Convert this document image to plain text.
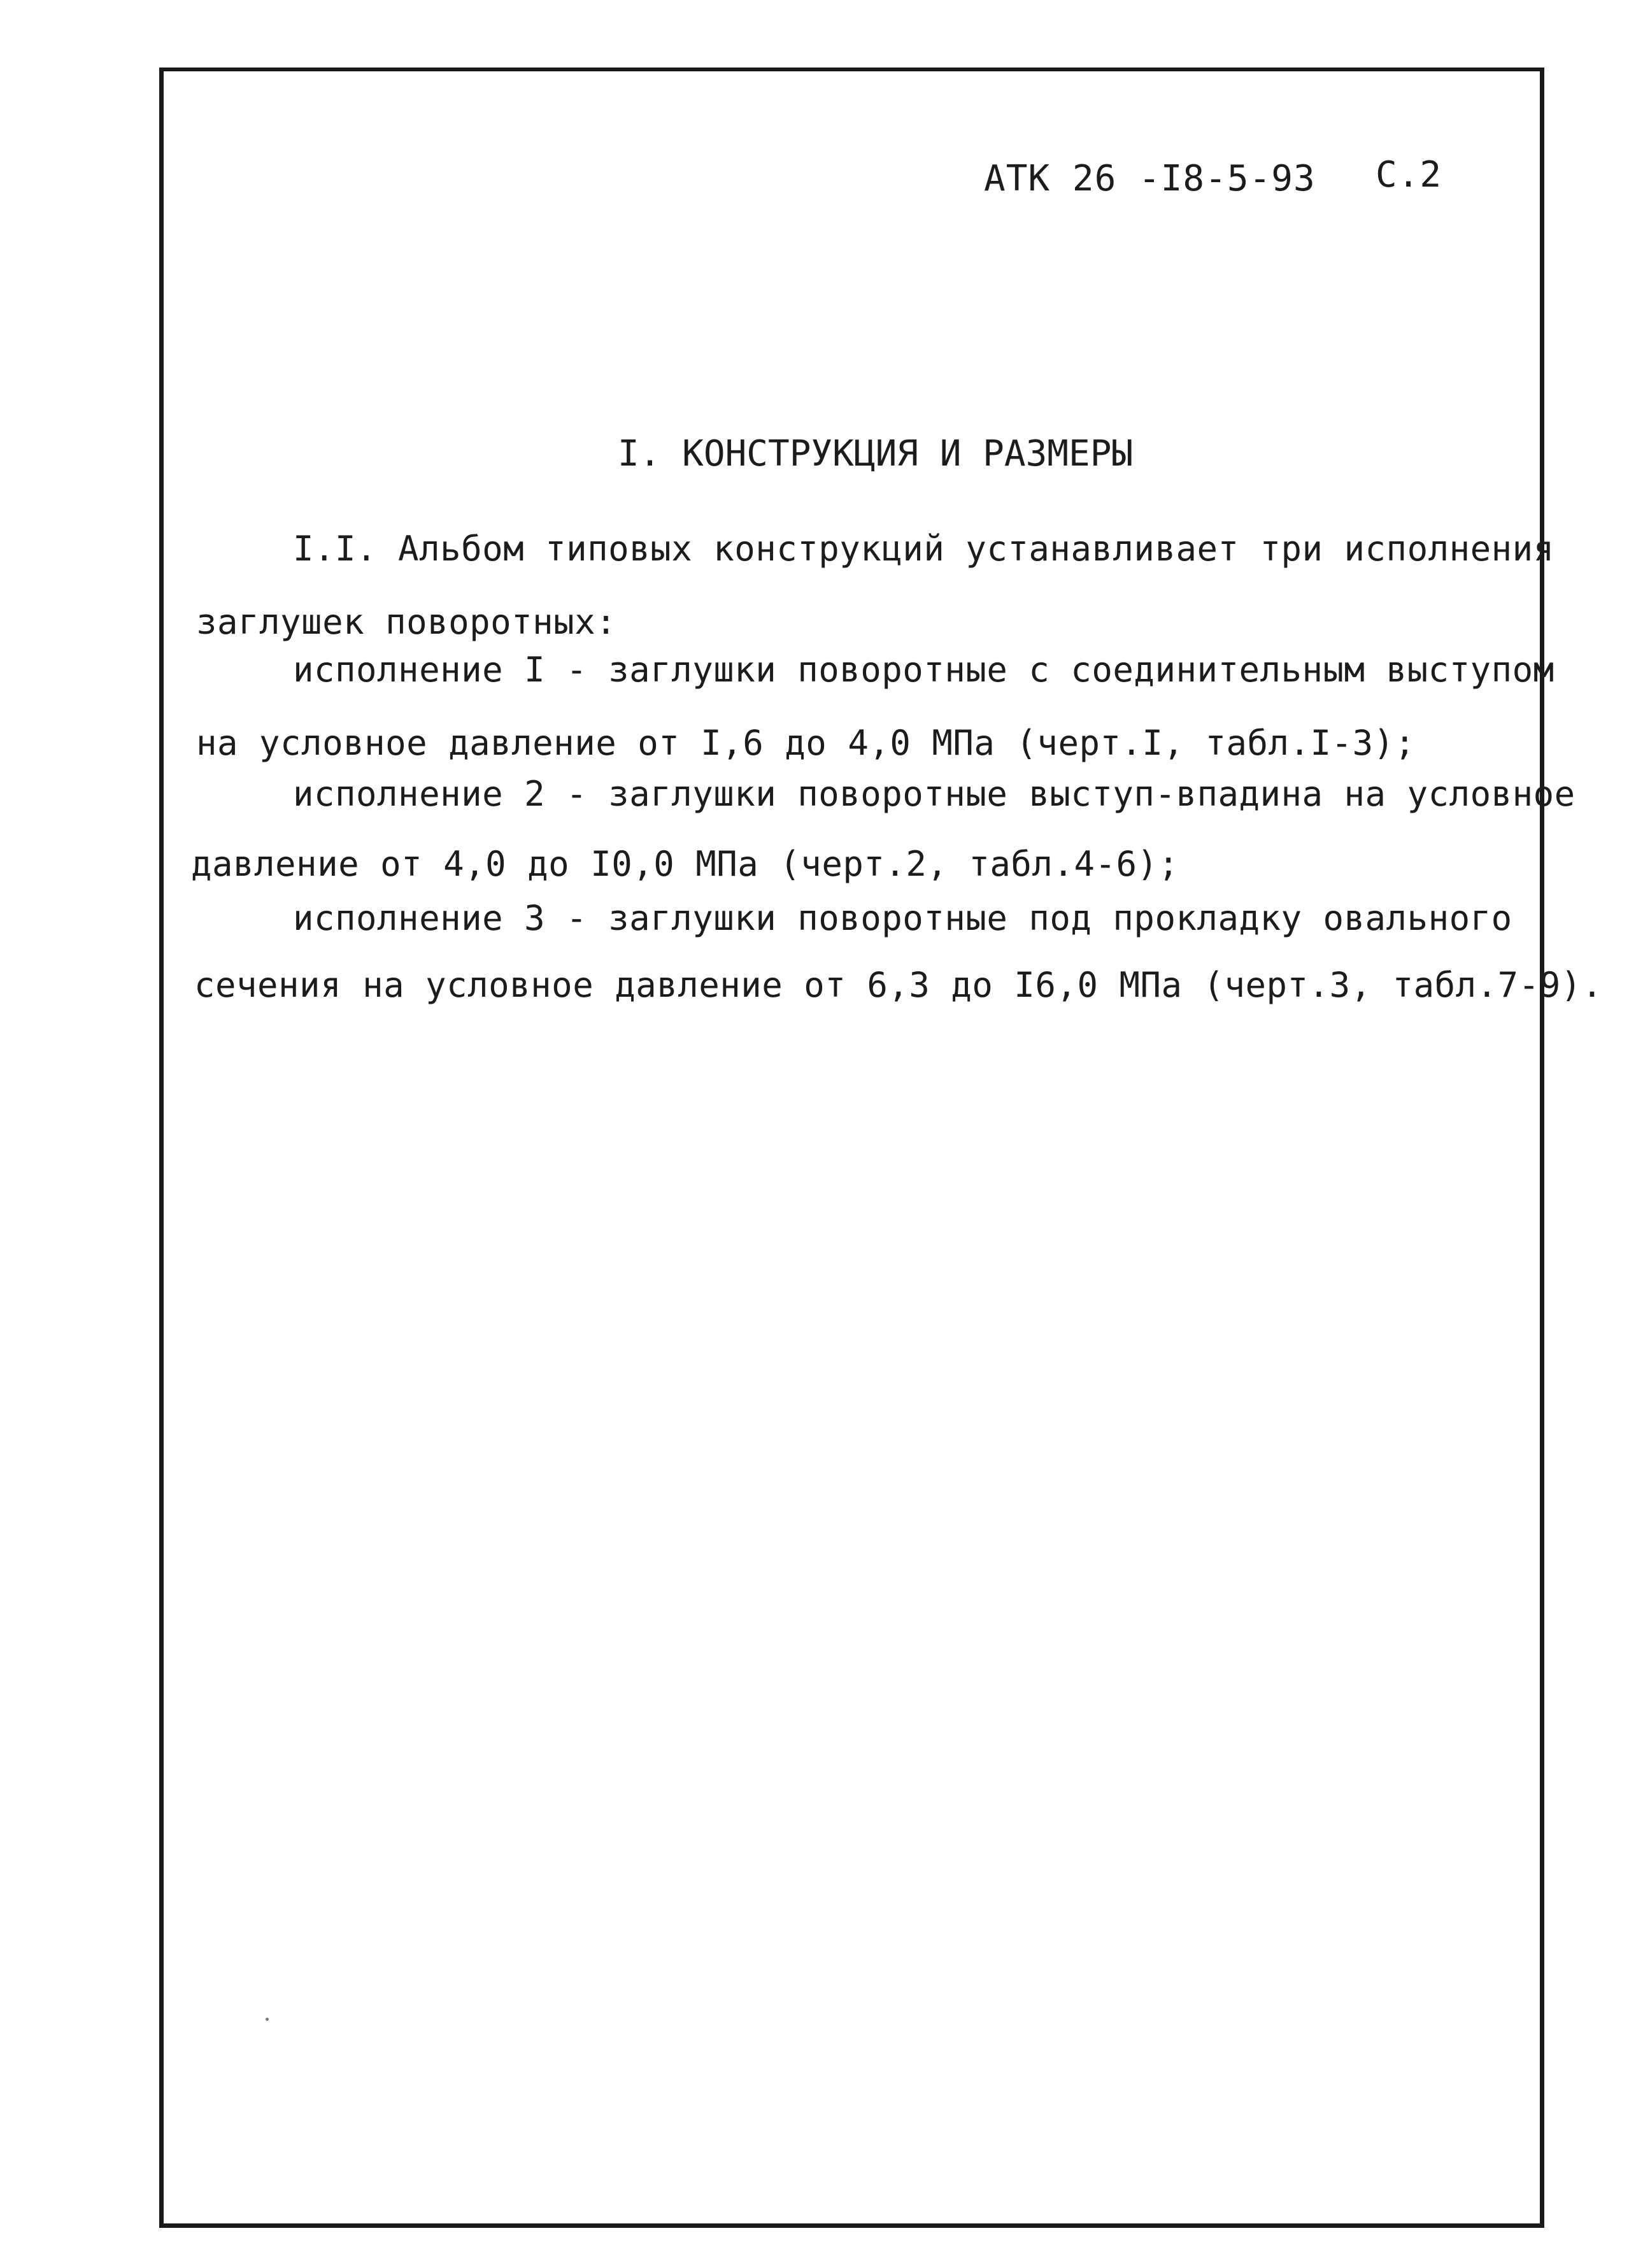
АТК 26 -I8-5-93 С.2
I. КОНСТРУКЦИЯ И РАЗМЕРЫ
I.I. Альбом типовых конструкций устанавливает три исполнения
заглушек поворотных:
исполнение I - заглушки поворотные с соединительным выступом
на условное давление от I,6 до 4,0 МПа (черт.I, табл.I-3);
исполнение 2 - заглушки поворотные выступ-впадина на условное
давление от 4,0 до I0,0 МПа (черт.2, табл.4-6);
исполнение 3 - заглушки поворотные под прокладку овального
сечения на условное давление от 6,3 до I6,0 МПа (черт.3, табл.7-9).
